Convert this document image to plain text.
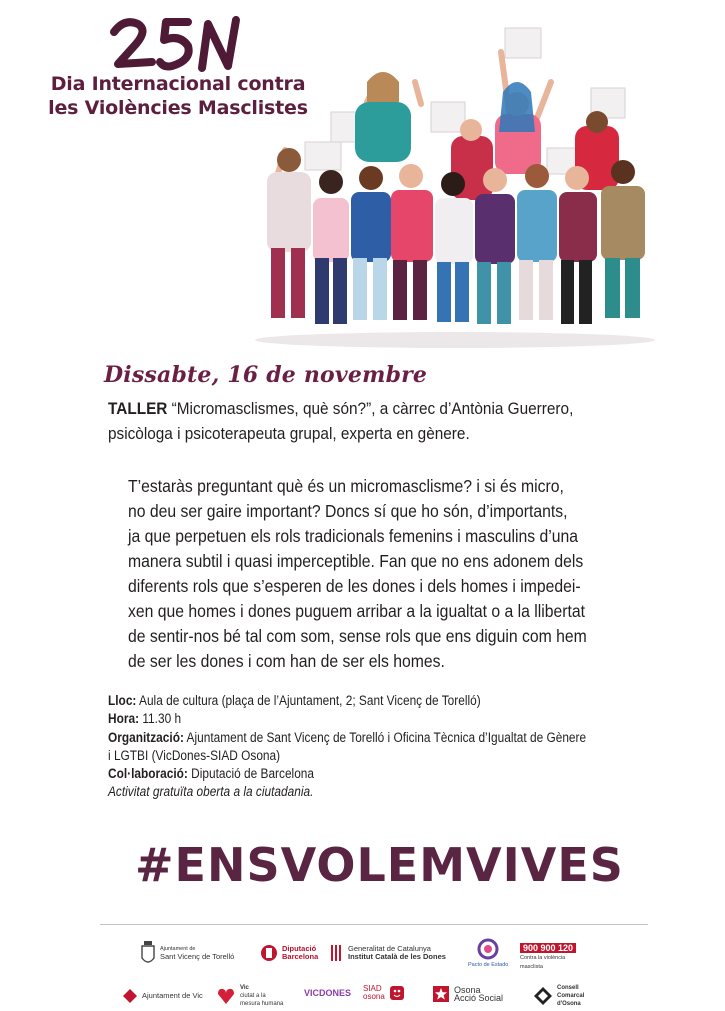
Dia Internacional contra
les Violències Masclistes
Dissabte, 16 de novembre
TALLER “Micromasclismes, què són?”, a càrrec d’Antònia Guerrero,
psicòloga i psicoterapeuta grupal, experta en gènere.
T’estaràs preguntant què és un micromasclisme? i si és micro,
no deu ser gaire important? Doncs sí que ho són, d’importants,
ja que perpetuen els rols tradicionals femenins i masculins d’una
manera subtil i quasi imperceptible. Fan que no ens adonem dels
diferents rols que s’esperen de les dones i dels homes i impedei-
xen que homes i dones puguem arribar a la igualtat o a la llibertat
de sentir-nos bé tal com som, sense rols que ens diguin com hem
de ser les dones i com han de ser els homes.
Lloc: Aula de cultura (plaça de l’Ajuntament, 2; Sant Vicenç de Torelló)
Hora: 11.30 h
Organització: Ajuntament de Sant Vicenç de Torelló i Oficina Tècnica d’Igualtat de Gènere
i LGTBI (VicDones-SIAD Osona)
Col·laboració: Diputació de Barcelona
Activitat gratuïta oberta a la ciutadania.
#ENSVOLEMVIVES
Ajuntament de
Sant Vicenç de Torelló
Diputació
Barcelona
Generalitat de Catalunya
Institut Català de les Dones
Pacto de Estado
900 900 120
Contra la violència
masclista
Ajuntament de Vic
Vic
ciutat a la
mesura humana
VICDONES SIAD
osona
Osona
Acció Social
Consell
Comarcal
d'Osona
